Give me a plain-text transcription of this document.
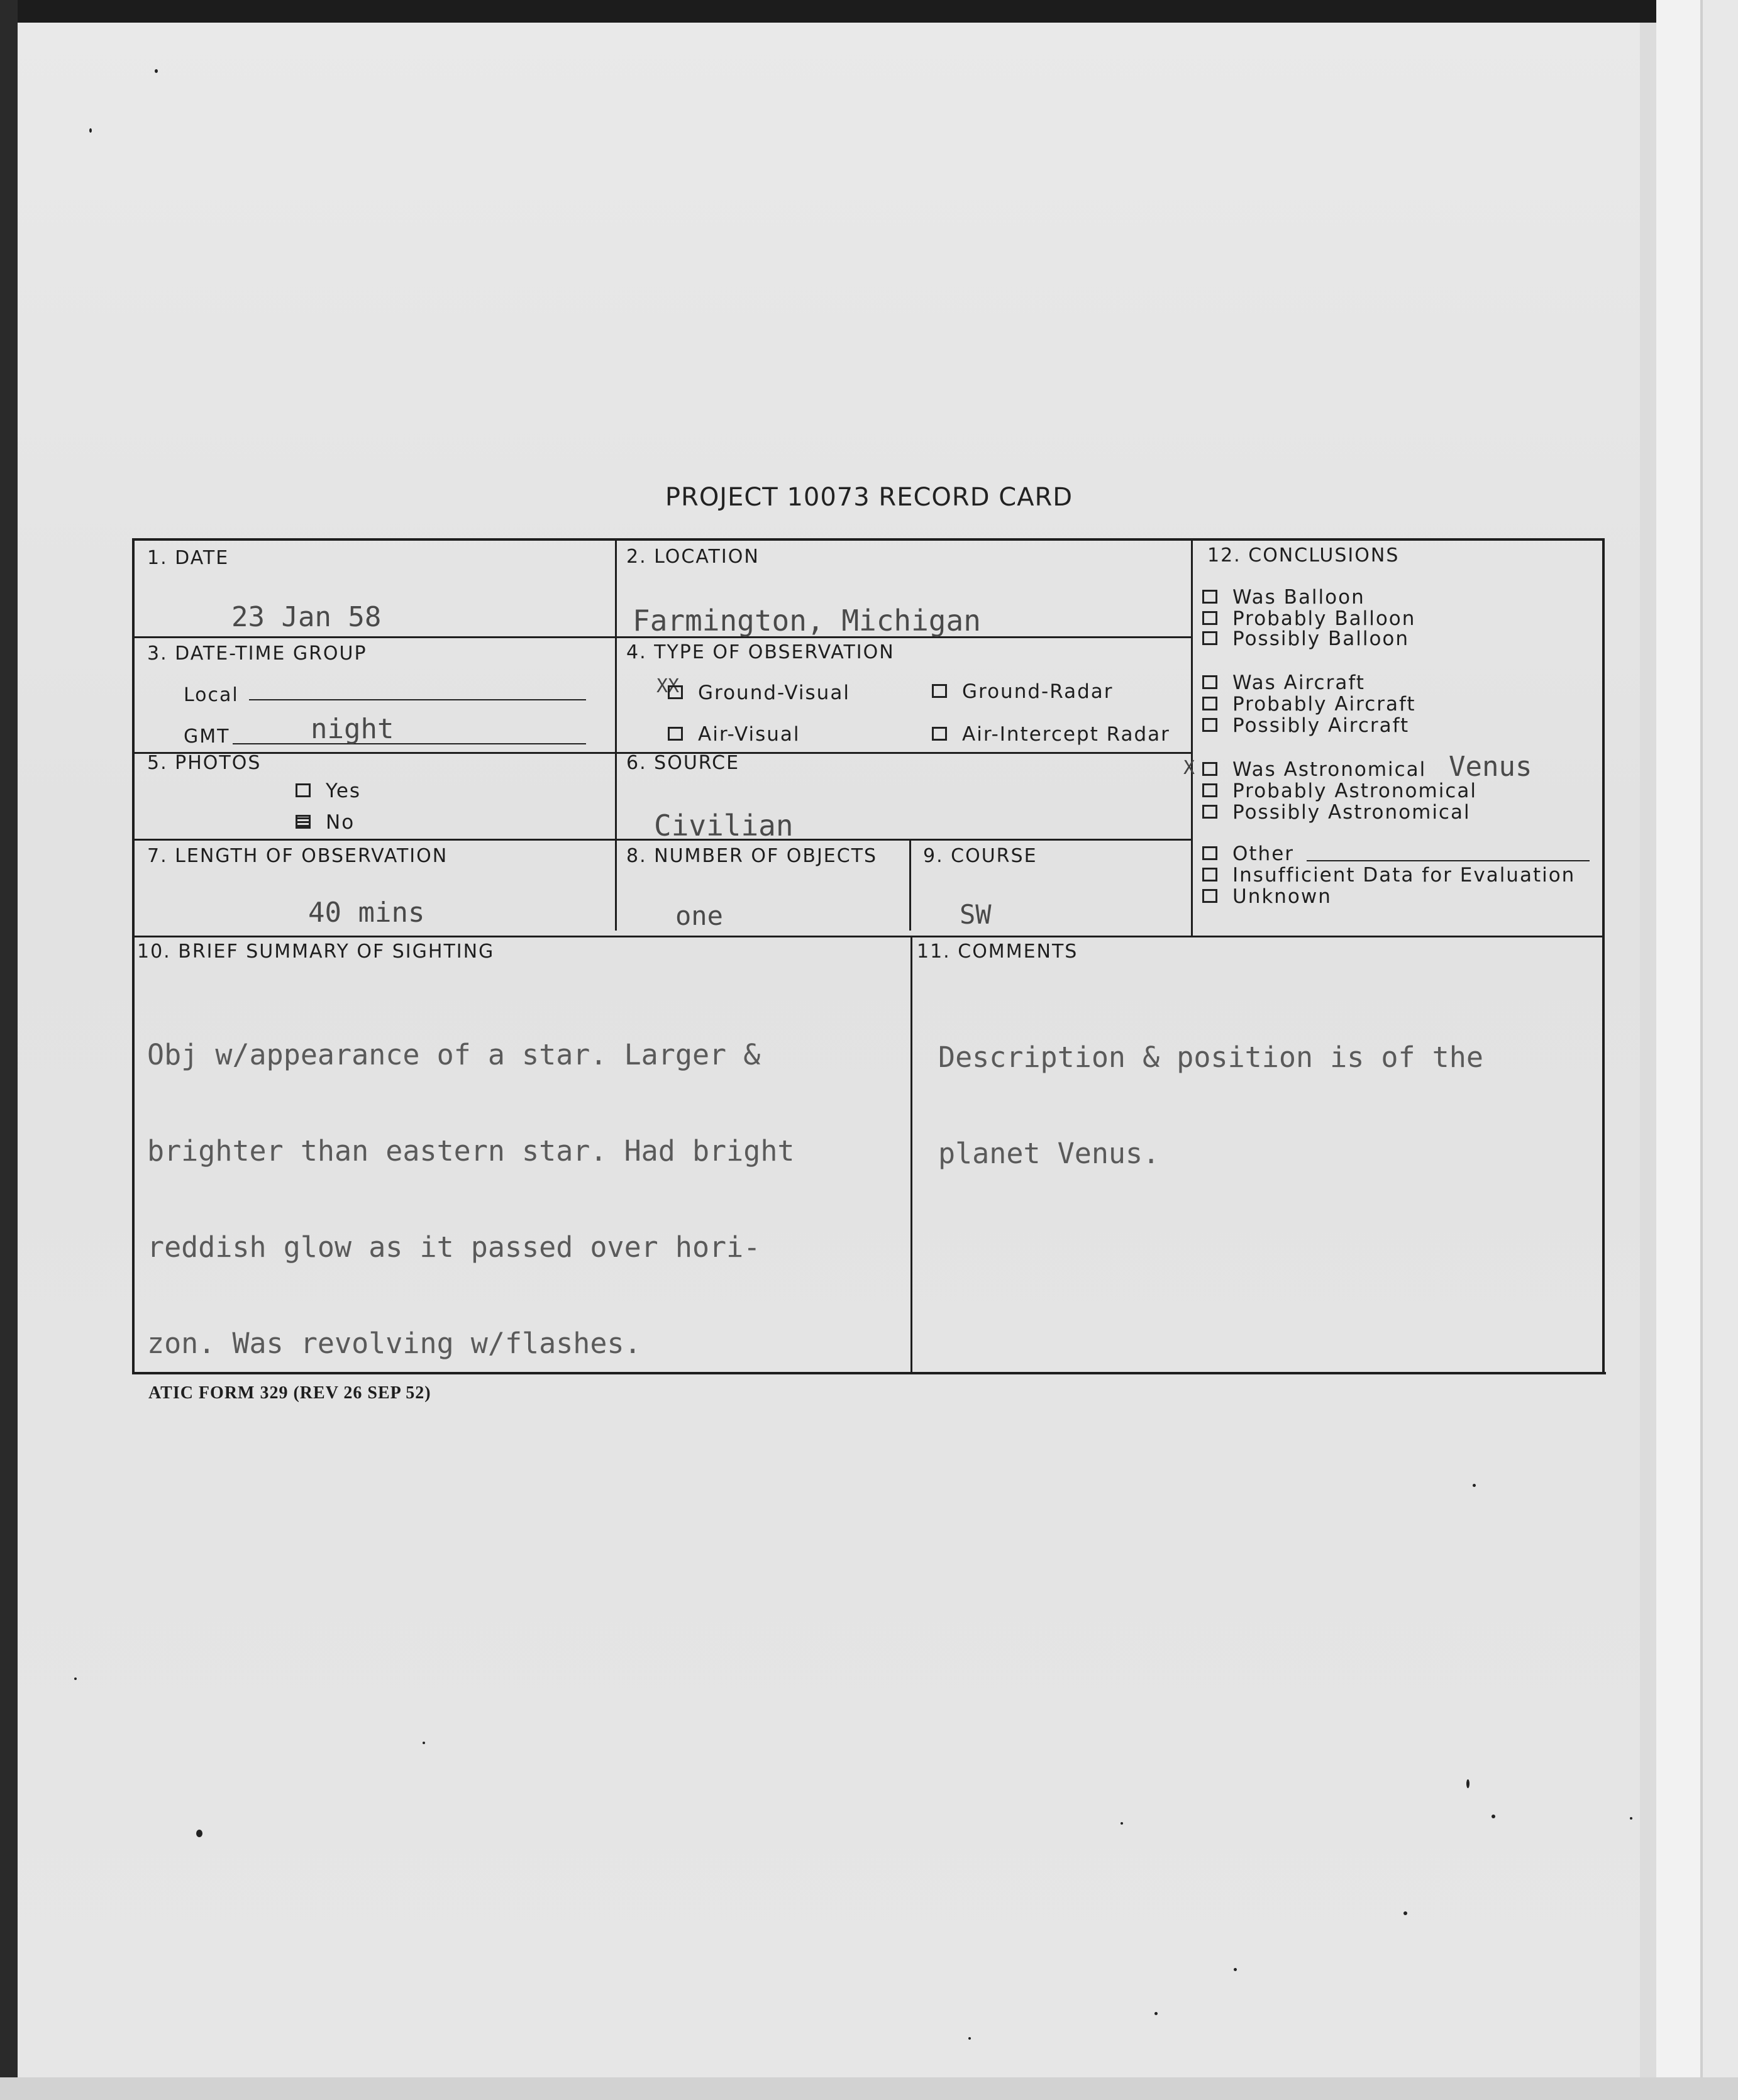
PROJECT 10073 RECORD CARD
1. DATE
23 Jan 58
2. LOCATION
Farmington, Michigan
3. DATE-TIME GROUP
Local
GMT	night
4. TYPE OF OBSERVATION
XX Ground-Visual	Ground-Radar
Air-Visual	Air-Intercept Radar
5. PHOTOS
Yes
No
6. SOURCE
Civilian
7. LENGTH OF OBSERVATION
40 mins
8. NUMBER OF OBJECTS
one
9. COURSE
SW
12. CONCLUSIONS
Was Balloon
Probably Balloon
Possibly Balloon
Was Aircraft
Probably Aircraft
Possibly Aircraft
X	Was Astronomical Venus
Probably Astronomical
Possibly Astronomical
Other
Insufficient Data for Evaluation
Unknown
10. BRIEF SUMMARY OF SIGHTING

Obj w/appearance of a star. Larger &

brighter than eastern star. Had bright

reddish glow as it passed over hori-

zon. Was revolving w/flashes.

11. COMMENTS

Description & position is of the

planet Venus.

ATIC FORM 329 (REV 26 SEP 52)
